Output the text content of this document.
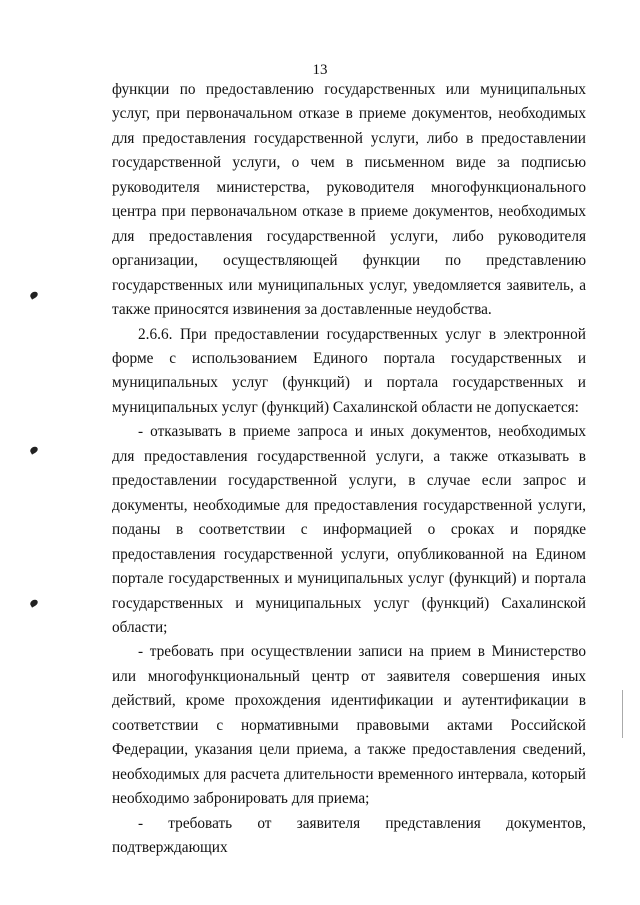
13

функции по предоставлению государственных или муниципальных услуг, при первоначальном отказе в приеме документов, необходимых для предоставления государственной услуги, либо в предоставлении государственной услуги, о чем в письменном виде за подписью руководителя министерства, руководителя многофункционального центра при первоначальном отказе в приеме документов, необходимых для предоставления государственной услуги, либо руководителя организации, осуществляющей функции по представлению государственных или муниципальных услуг, уведомляется заявитель, а также приносятся извинения за доставленные неудобства.

2.6.6. При предоставлении государственных услуг в электронной форме с использованием Единого портала государственных и муниципальных услуг (функций) и портала государственных и муниципальных услуг (функций) Сахалинской области не допускается:

- отказывать в приеме запроса и иных документов, необходимых для предоставления государственной услуги, а также отказывать в предоставлении государственной услуги, в случае если запрос и документы, необходимые для предоставления государственной услуги, поданы в соответствии с информацией о сроках и порядке предоставления государственной услуги, опубликованной на Едином портале государственных и муниципальных услуг (функций) и портала государственных и муниципальных услуг (функций) Сахалинской области;

- требовать при осуществлении записи на прием в Министерство или многофункциональный центр от заявителя совершения иных действий, кроме прохождения идентификации и аутентификации в соответствии с нормативными правовыми актами Российской Федерации, указания цели приема, а также предоставления сведений, необходимых для расчета длительности временного интервала, который необходимо забронировать для приема;

- требовать от заявителя представления документов, подтверждающих
